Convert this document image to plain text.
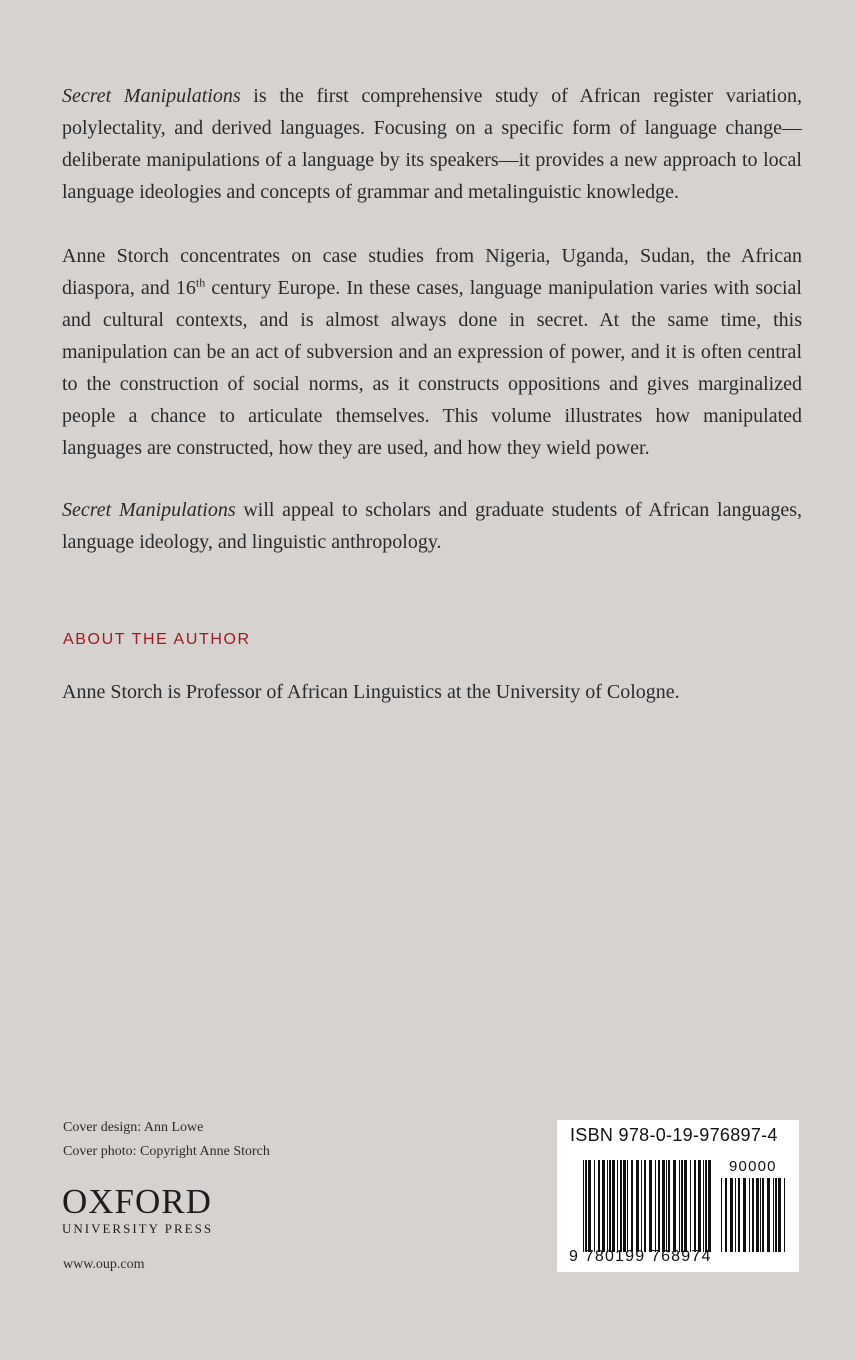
Secret Manipulations is the first comprehensive study of African register variation, polylectality, and derived languages. Focusing on a specific form of language change—deliberate manipulations of a language by its speakers—it provides a new approach to local language ideologies and concepts of grammar and metalinguistic knowledge.

Anne Storch concentrates on case studies from Nigeria, Uganda, Sudan, the African diaspora, and 16th century Europe. In these cases, language manipulation varies with social and cultural contexts, and is almost always done in secret. At the same time, this manipulation can be an act of subversion and an expression of power, and it is often central to the construction of social norms, as it constructs oppositions and gives marginalized people a chance to articulate themselves. This volume illustrates how manipulated languages are constructed, how they are used, and how they wield power.

Secret Manipulations will appeal to scholars and graduate students of African languages, language ideology, and linguistic anthropology.

ABOUT THE AUTHOR
Anne Storch is Professor of African Linguistics at the University of Cologne.
Cover design: Ann Lowe
Cover photo: Copyright Anne Storch
OXFORD
UNIVERSITY PRESS
www.oup.com
ISBN 978-0-19-976897-4
90000
9 780199 768974
